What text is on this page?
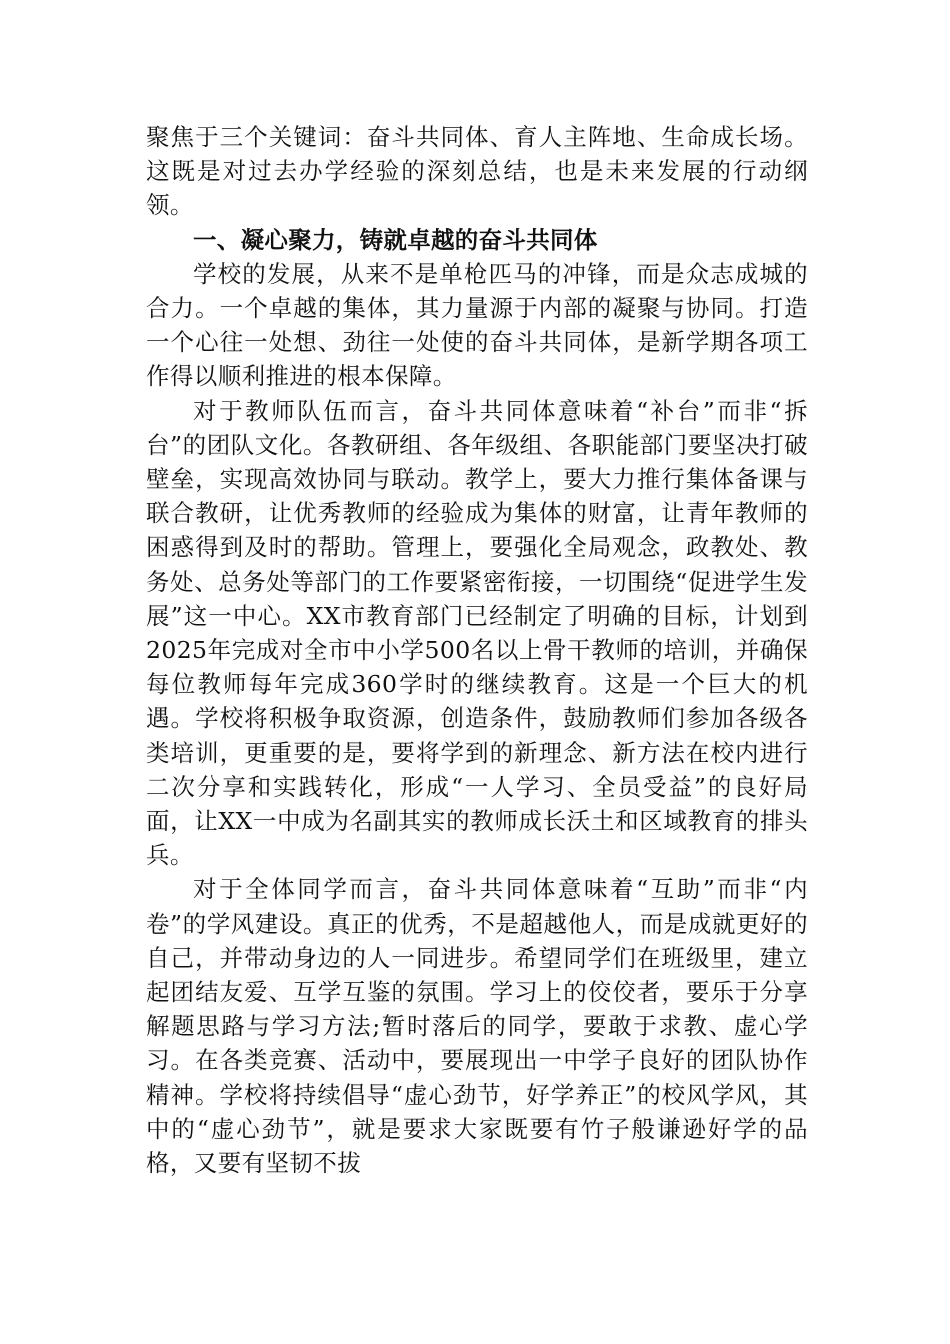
聚焦于三个关键词：奋斗共同体、育人主阵地、生命成长场。这既是对过去办学经验的深刻总结，也是未来发展的行动纲领。

一、凝心聚力，铸就卓越的奋斗共同体

学校的发展，从来不是单枪匹马的冲锋，而是众志成城的合力。一个卓越的集体，其力量源于内部的凝聚与协同。打造一个心往一处想、劲往一处使的奋斗共同体，是新学期各项工作得以顺利推进的根本保障。

对于教师队伍而言，奋斗共同体意味着“补台”而非“拆台”的团队文化。各教研组、各年级组、各职能部门要坚决打破壁垒，实现高效协同与联动。教学上，要大力推行集体备课与联合教研，让优秀教师的经验成为集体的财富，让青年教师的困惑得到及时的帮助。管理上，要强化全局观念，政教处、教务处、总务处等部门的工作要紧密衔接，一切围绕“促进学生发展”这一中心。XX市教育部门已经制定了明确的目标，计划到2025年完成对全市中小学500名以上骨干教师的培训，并确保每位教师每年完成360学时的继续教育。这是一个巨大的机遇。学校将积极争取资源，创造条件，鼓励教师们参加各级各类培训，更重要的是，要将学到的新理念、新方法在校内进行二次分享和实践转化，形成“一人学习、全员受益”的良好局面，让XX一中成为名副其实的教师成长沃土和区域教育的排头兵。

对于全体同学而言，奋斗共同体意味着“互助”而非“内卷”的学风建设。真正的优秀，不是超越他人，而是成就更好的自己，并带动身边的人一同进步。希望同学们在班级里，建立起团结友爱、互学互鉴的氛围。学习上的佼佼者，要乐于分享解题思路与学习方法;暂时落后的同学，要敢于求教、虚心学习。在各类竞赛、活动中，要展现出一中学子良好的团队协作精神。学校将持续倡导“虚心劲节，好学养正”的校风学风，其中的“虚心劲节”，就是要求大家既要有竹子般谦逊好学的品格，又要有坚韧不拔
